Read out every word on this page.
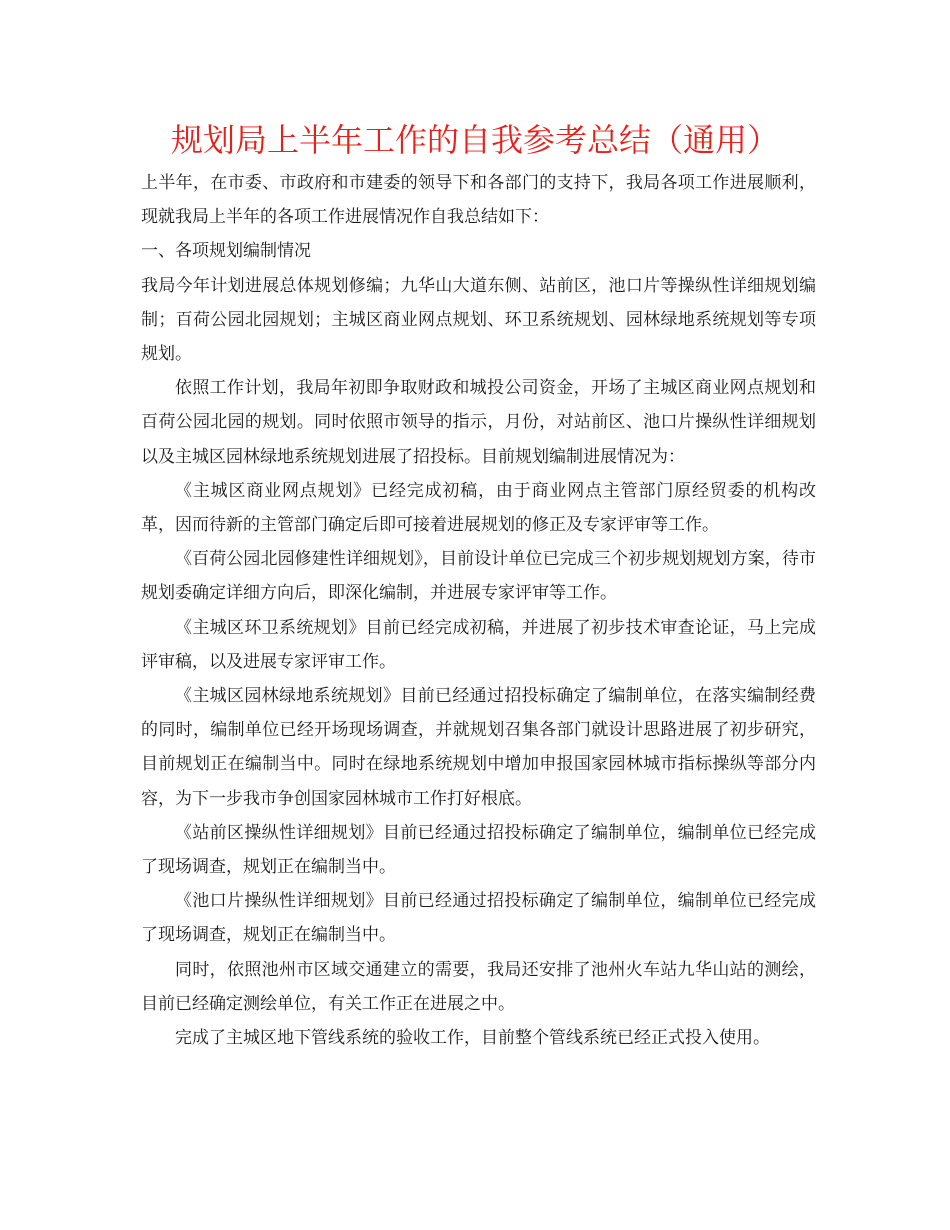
规划局上半年工作的自我参考总结（通用）

上半年，在市委、市政府和市建委的领导下和各部门的支持下，我局各项工作进展顺利，现就我局上半年的各项工作进展情况作自我总结如下：

一、各项规划编制情况

我局今年计划进展总体规划修编；九华山大道东侧、站前区，池口片等操纵性详细规划编制；百荷公园北园规划；主城区商业网点规划、环卫系统规划、园林绿地系统规划等专项规划。

依照工作计划，我局年初即争取财政和城投公司资金，开场了主城区商业网点规划和百荷公园北园的规划。同时依照市领导的指示，月份，对站前区、池口片操纵性详细规划以及主城区园林绿地系统规划进展了招投标。目前规划编制进展情况为：

《主城区商业网点规划》已经完成初稿，由于商业网点主管部门原经贸委的机构改革，因而待新的主管部门确定后即可接着进展规划的修正及专家评审等工作。

《百荷公园北园修建性详细规划》，目前设计单位已完成三个初步规划规划方案，待市规划委确定详细方向后，即深化编制，并进展专家评审等工作。

《主城区环卫系统规划》目前已经完成初稿，并进展了初步技术审查论证，马上完成评审稿，以及进展专家评审工作。

《主城区园林绿地系统规划》目前已经通过招投标确定了编制单位，在落实编制经费的同时，编制单位已经开场现场调查，并就规划召集各部门就设计思路进展了初步研究，目前规划正在编制当中。同时在绿地系统规划中增加申报国家园林城市指标操纵等部分内容，为下一步我市争创国家园林城市工作打好根底。

《站前区操纵性详细规划》目前已经通过招投标确定了编制单位，编制单位已经完成了现场调查，规划正在编制当中。

《池口片操纵性详细规划》目前已经通过招投标确定了编制单位，编制单位已经完成了现场调查，规划正在编制当中。

同时，依照池州市区域交通建立的需要，我局还安排了池州火车站九华山站的测绘，目前已经确定测绘单位，有关工作正在进展之中。

完成了主城区地下管线系统的验收工作，目前整个管线系统已经正式投入使用。
